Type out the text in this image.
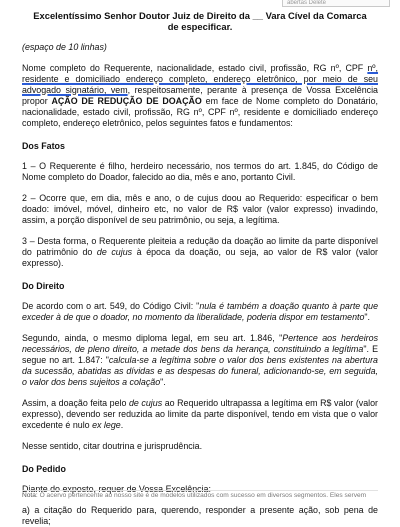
abertas Delete
Excelentíssimo Senhor Doutor Juiz de Direito da __ Vara Cível da Comarca
de especificar.

(espaço de 10 linhas)

Nome completo do Requerente, nacionalidade, estado civil, profissão, RG nº, CPF nº, residente e domiciliado endereço completo, endereço eletrônico, por meio de seu advogado signatário, vem, respeitosamente, perante à presença de Vossa Excelência propor AÇÃO DE REDUÇÃO DE DOAÇÃO em face de Nome completo do Donatário, nacionalidade, estado civil, profissão, RG nº, CPF nº, residente e domiciliado endereço completo, endereço eletrônico, pelos seguintes fatos e fundamentos:

Dos Fatos

1 – O Requerente é filho, herdeiro necessário, nos termos do art. 1.845, do Código de Nome completo do Doador, falecido ao dia, mês e ano, portanto Civil.

2 – Ocorre que, em dia, mês e ano, o de cujus doou ao Requerido: especificar o bem doado: imóvel, móvel, dinheiro etc, no valor de R$ valor (valor expresso) invadindo, assim, a porção disponível de seu patrimônio, ou seja, a legítima.

3 – Desta forma, o Requerente pleiteia a redução da doação ao limite da parte disponível do patrimônio do de cujus à época da doação, ou seja, ao valor de R$ valor (valor expresso).

Do Direito

De acordo com o art. 549, do Código Civil: "nula é também a doação quanto à parte que exceder à de que o doador, no momento da liberalidade, poderia dispor em testamento".

Segundo, ainda, o mesmo diploma legal, em seu art. 1.846, "Pertence aos herdeiros necessários, de pleno direito, a metade dos bens da herança, constituindo a legítima". E segue no art. 1.847: "calcula-se a legítima sobre o valor dos bens existentes na abertura da sucessão, abatidas as dívidas e as despesas do funeral, adicionando-se, em seguida, o valor dos bens sujeitos a colação".

Assim, a doação feita pelo de cujus ao Requerido ultrapassa a legítima em R$ valor (valor expresso), devendo ser reduzida ao limite da parte disponível, tendo em vista que o valor excedente é nulo ex lege.

Nesse sentido, citar doutrina e jurisprudência.

Do Pedido

Diante do exposto, requer de Vossa Excelência:

a) a citação do Requerido para, querendo, responder a presente ação, sob pena de revelia;

Nota: O acervo pertencente ao nosso site é de modelos utilizados com sucesso em diversos segmentos. Eles servem
